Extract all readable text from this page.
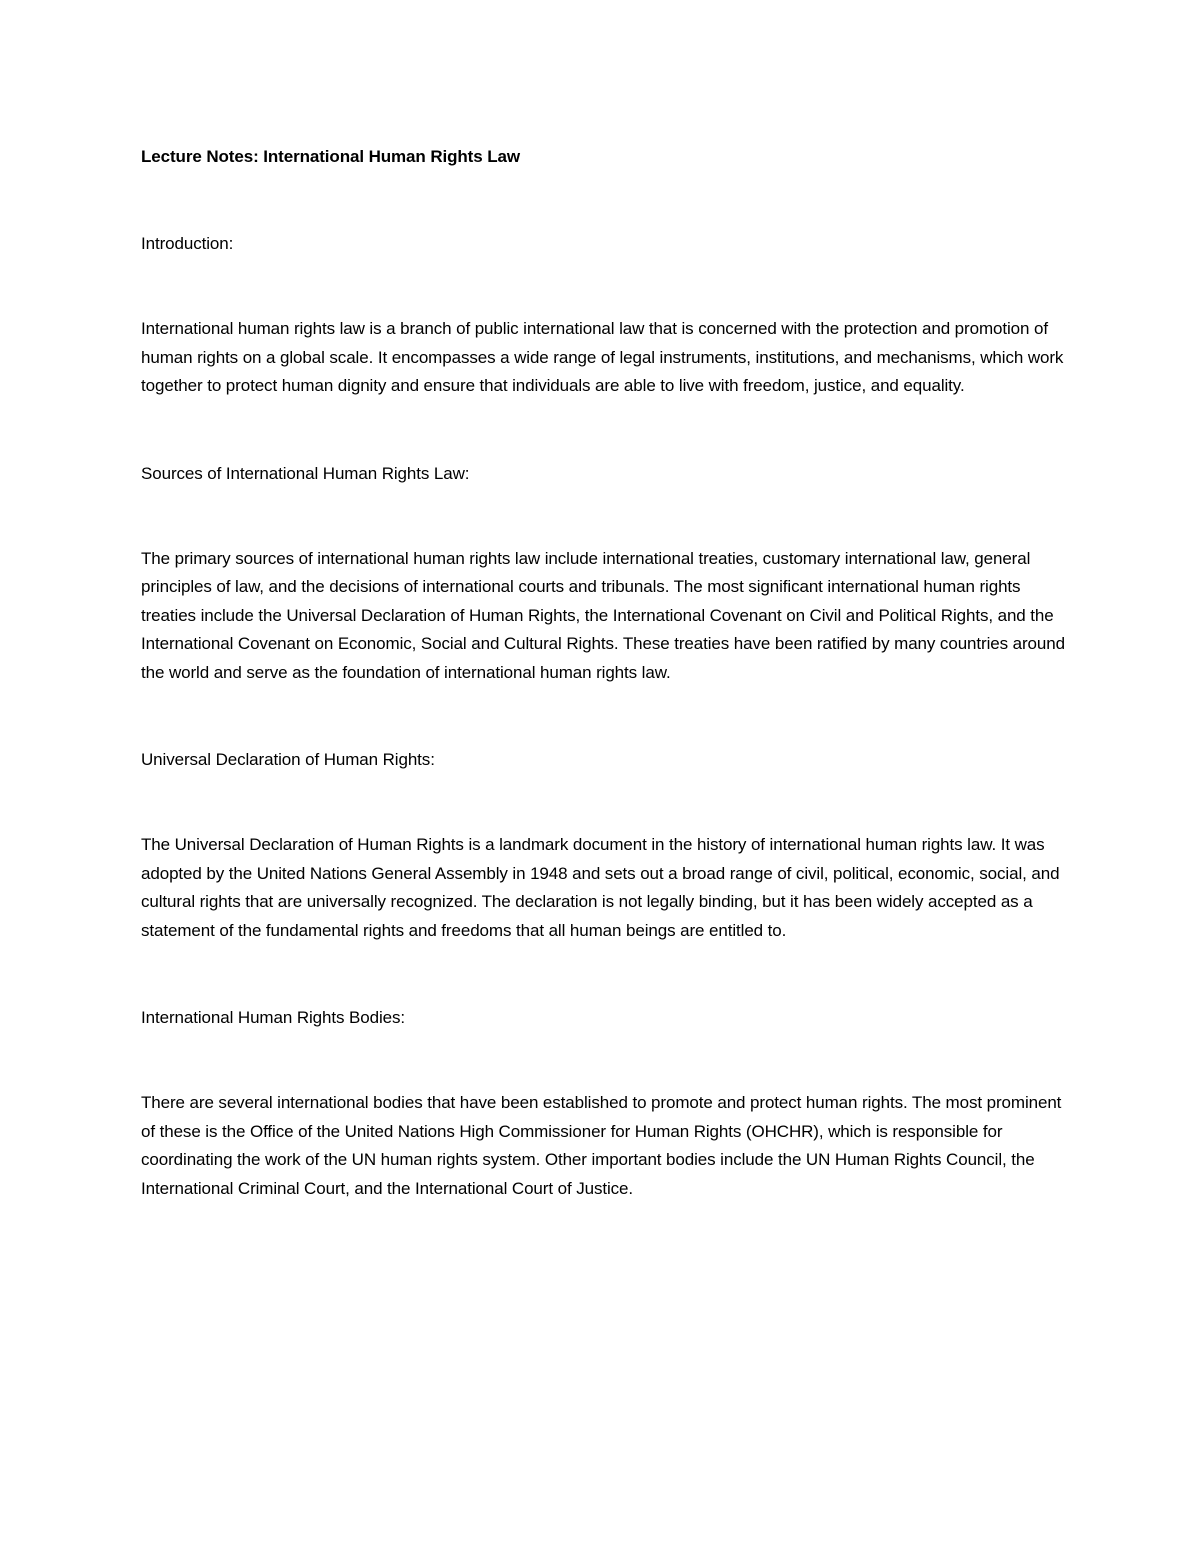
Lecture Notes: International Human Rights Law

Introduction:

International human rights law is a branch of public international law that is concerned with the protection and promotion of human rights on a global scale. It encompasses a wide range of legal instruments, institutions, and mechanisms, which work together to protect human dignity and ensure that individuals are able to live with freedom, justice, and equality.

Sources of International Human Rights Law:

The primary sources of international human rights law include international treaties, customary international law, general principles of law, and the decisions of international courts and tribunals. The most significant international human rights treaties include the Universal Declaration of Human Rights, the International Covenant on Civil and Political Rights, and the International Covenant on Economic, Social and Cultural Rights. These treaties have been ratified by many countries around the world and serve as the foundation of international human rights law.

Universal Declaration of Human Rights:

The Universal Declaration of Human Rights is a landmark document in the history of international human rights law. It was adopted by the United Nations General Assembly in 1948 and sets out a broad range of civil, political, economic, social, and cultural rights that are universally recognized. The declaration is not legally binding, but it has been widely accepted as a statement of the fundamental rights and freedoms that all human beings are entitled to.

International Human Rights Bodies:

There are several international bodies that have been established to promote and protect human rights. The most prominent of these is the Office of the United Nations High Commissioner for Human Rights (OHCHR), which is responsible for coordinating the work of the UN human rights system. Other important bodies include the UN Human Rights Council, the International Criminal Court, and the International Court of Justice.
